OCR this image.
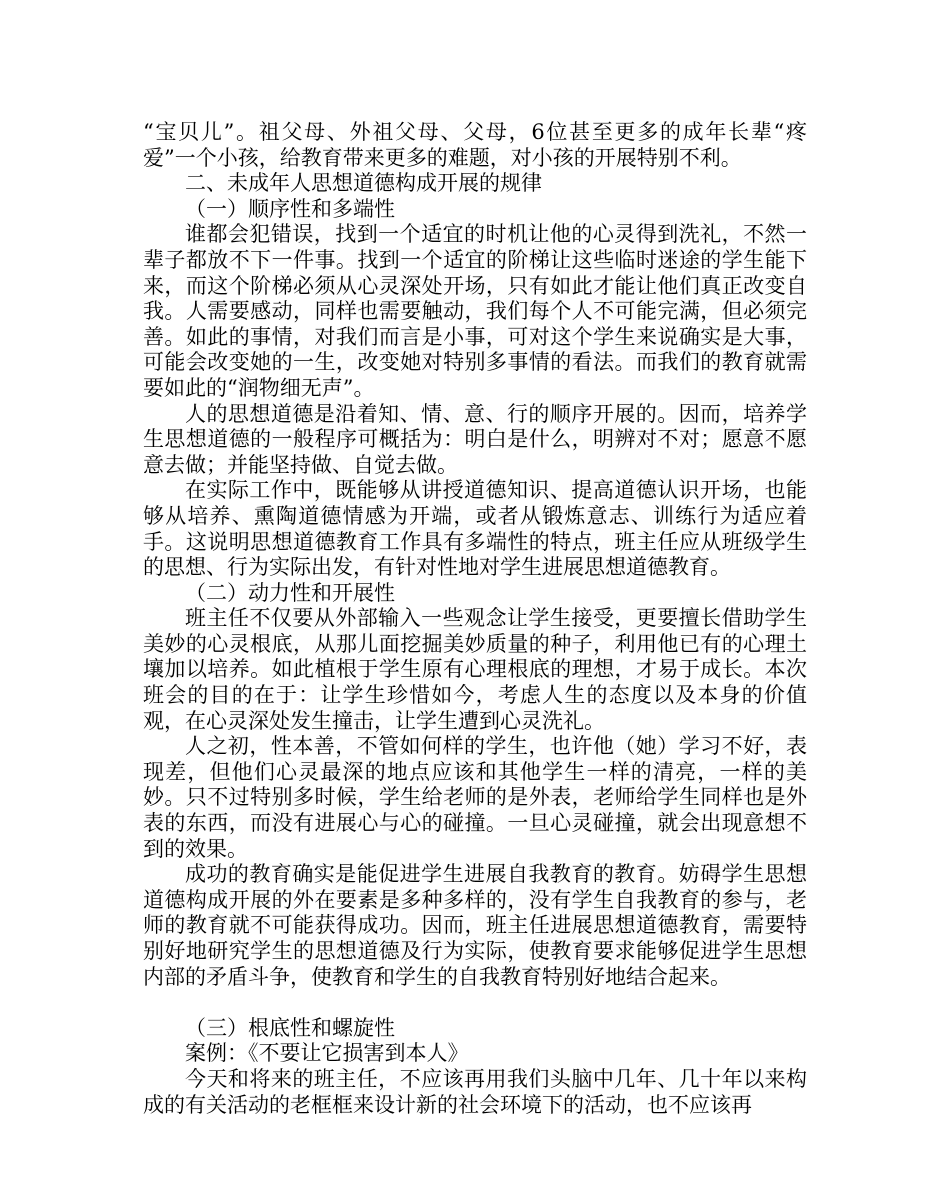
“宝贝儿”。祖父母、外祖父母、父母，6位甚至更多的成年长辈“疼爱”一个小孩，给教育带来更多的难题，对小孩的开展特别不利。

二、未成年人思想道德构成开展的规律

（一）顺序性和多端性

谁都会犯错误，找到一个适宜的时机让他的心灵得到洗礼，不然一辈子都放不下一件事。找到一个适宜的阶梯让这些临时迷途的学生能下来，而这个阶梯必须从心灵深处开场，只有如此才能让他们真正改变自我。人需要感动，同样也需要触动，我们每个人不可能完满，但必须完善。如此的事情，对我们而言是小事，可对这个学生来说确实是大事，可能会改变她的一生，改变她对特别多事情的看法。而我们的教育就需要如此的“润物细无声”。

人的思想道德是沿着知、情、意、行的顺序开展的。因而，培养学生思想道德的一般程序可概括为：明白是什么，明辨对不对；愿意不愿意去做；并能坚持做、自觉去做。

在实际工作中，既能够从讲授道德知识、提高道德认识开场，也能够从培养、熏陶道德情感为开端，或者从锻炼意志、训练行为适应着手。这说明思想道德教育工作具有多端性的特点，班主任应从班级学生的思想、行为实际出发，有针对性地对学生进展思想道德教育。

（二）动力性和开展性

班主任不仅要从外部输入一些观念让学生接受，更要擅长借助学生美妙的心灵根底，从那儿面挖掘美妙质量的种子，利用他已有的心理土壤加以培养。如此植根于学生原有心理根底的理想，才易于成长。本次班会的目的在于：让学生珍惜如今，考虑人生的态度以及本身的价值观，在心灵深处发生撞击，让学生遭到心灵洗礼。

人之初，性本善，不管如何样的学生，也许他（她）学习不好，表现差，但他们心灵最深的地点应该和其他学生一样的清亮，一样的美妙。只不过特别多时候，学生给老师的是外表，老师给学生同样也是外表的东西，而没有进展心与心的碰撞。一旦心灵碰撞，就会出现意想不到的效果。

成功的教育确实是能促进学生进展自我教育的教育。妨碍学生思想道德构成开展的外在要素是多种多样的，没有学生自我教育的参与，老师的教育就不可能获得成功。因而，班主任进展思想道德教育，需要特别好地研究学生的思想道德及行为实际，使教育要求能够促进学生思想内部的矛盾斗争，使教育和学生的自我教育特别好地结合起来。

（三）根底性和螺旋性

案例：《不要让它损害到本人》

今天和将来的班主任，不应该再用我们头脑中几年、几十年以来构成的有关活动的老框框来设计新的社会环境下的活动，也不应该再
